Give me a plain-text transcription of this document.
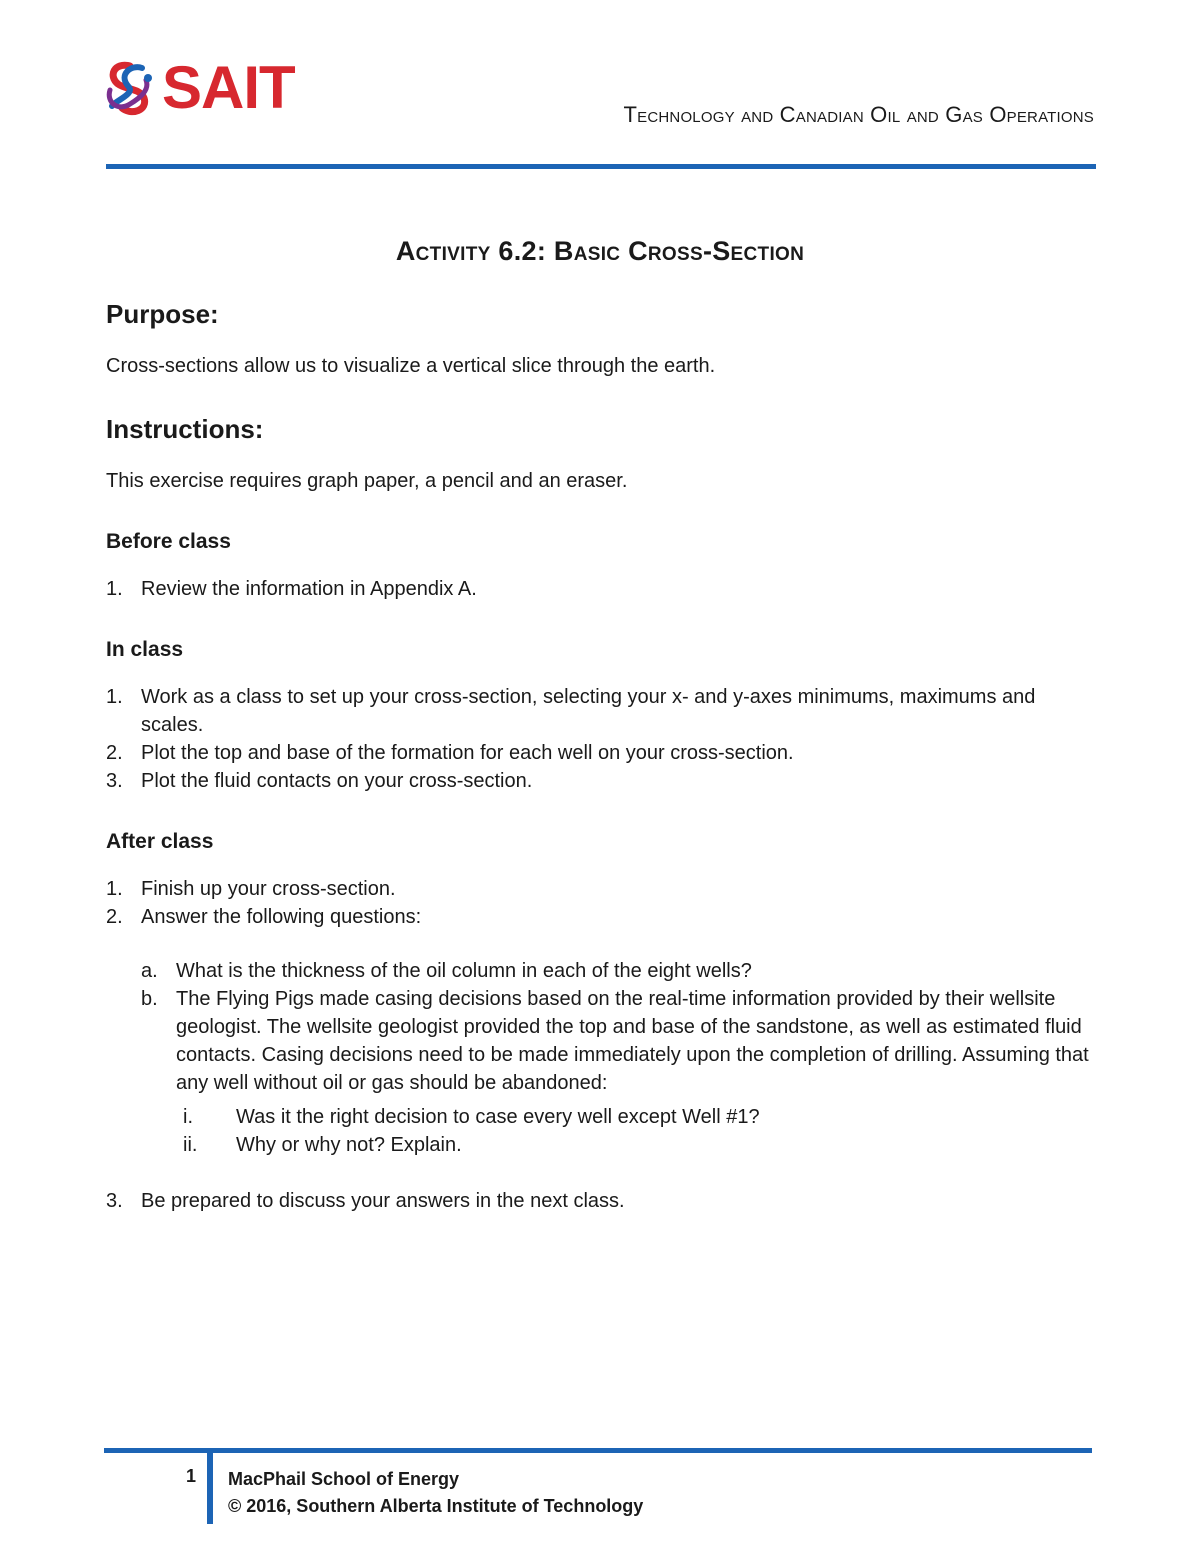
SAIT	Technology and Canadian Oil and Gas Operations
Activity 6.2: Basic Cross-Section
Purpose:

Cross-sections allow us to visualize a vertical slice through the earth.

Instructions:

This exercise requires graph paper, a pencil and an eraser.

Before class
1. Review the information in Appendix A.
In class
1. Work as a class to set up your cross-section, selecting your x- and y-axes minimums, maximums and scales.
2. Plot the top and base of the formation for each well on your cross-section.
3. Plot the fluid contacts on your cross-section.
After class
1. Finish up your cross-section.
2. Answer the following questions:
a. What is the thickness of the oil column in each of the eight wells?
b. The Flying Pigs made casing decisions based on the real-time information provided by their wellsite geologist. The wellsite geologist provided the top and base of the sandstone, as well as estimated fluid contacts. Casing decisions need to be made immediately upon the completion of drilling. Assuming that any well without oil or gas should be abandoned:
i.	Was it the right decision to case every well except Well #1?
ii.	Why or why not? Explain.
3. Be prepared to discuss your answers in the next class.
1 MacPhail School of Energy
© 2016, Southern Alberta Institute of Technology
